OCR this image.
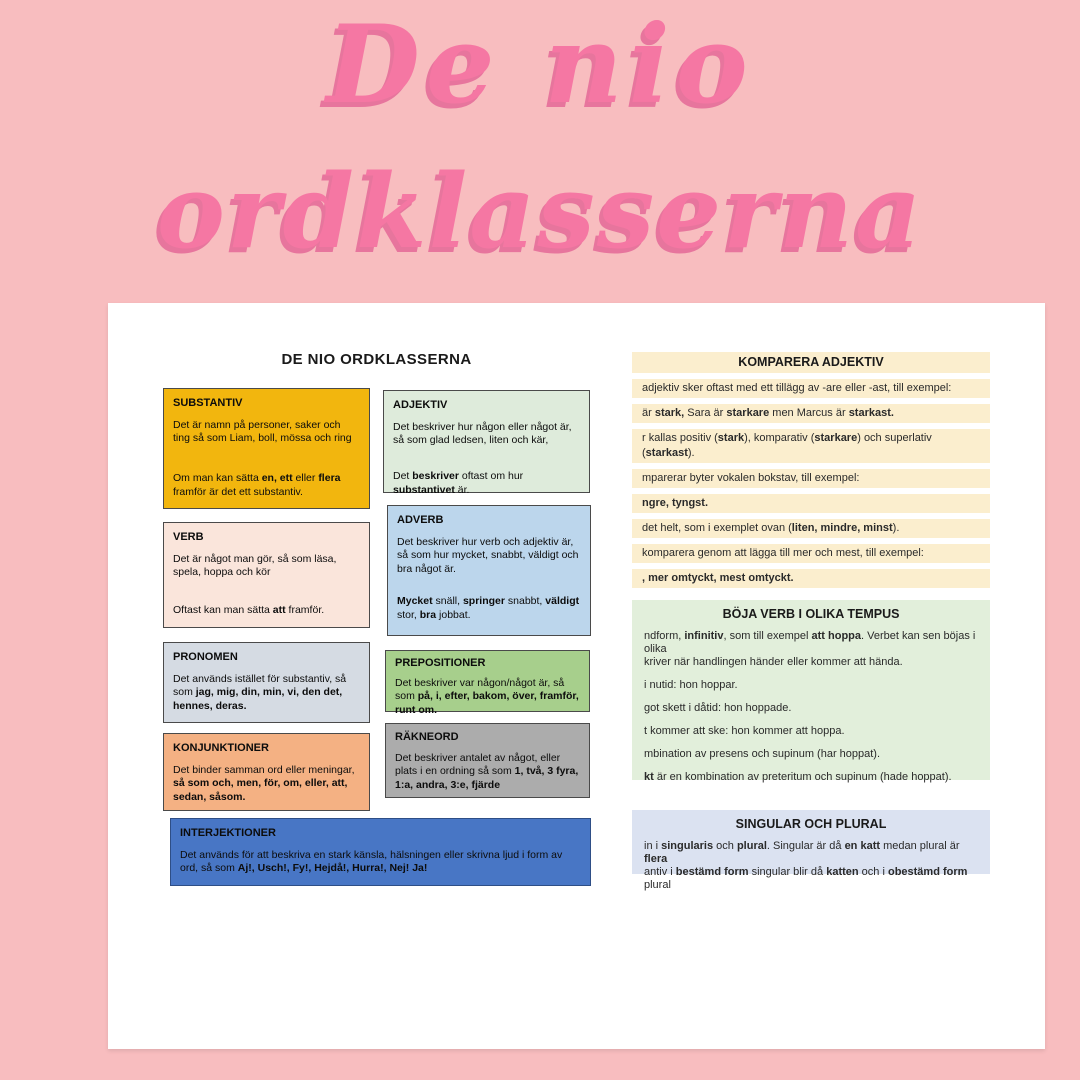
De nio
ordklasserna
DE NIO ORDKLASSERNA
SUBSTANTIV

Det är namn på personer, saker och ting så som Liam, boll, mössa och ring

Om man kan sätta en, ett eller flera framför är det ett substantiv.

ADJEKTIV

Det beskriver hur någon eller något är, så som glad ledsen, liten och kär,

Det beskriver oftast om hur substantivet är.

VERB

Det är något man gör, så som läsa, spela, hoppa och kör

Oftast kan man sätta att framför.

ADVERB

Det beskriver hur verb och adjektiv är, så som hur mycket, snabbt, väldigt och bra något är.

Mycket snäll, springer snabbt, väldigt stor, bra jobbat.

PRONOMEN

Det används istället för substantiv, så som jag, mig, din, min, vi, den det, hennes, deras.

PREPOSITIONER

Det beskriver var någon/något är, så som på, i, efter, bakom, över, framför, runt om.

KONJUNKTIONER

Det binder samman ord eller meningar, så som och, men, för, om, eller, att, sedan, såsom.

RÄKNEORD

Det beskriver antalet av något, eller plats i en ordning så som 1, två, 3 fyra, 1:a, andra, 3:e, fjärde

INTERJEKTIONER

Det används för att beskriva en stark känsla, hälsningen eller skrivna ljud i form av ord, så som Aj!, Usch!, Fy!, Hejdå!, Hurra!, Nej! Ja!

KOMPARERA ADJEKTIV
adjektiv sker oftast med ett tillägg av -are eller -ast, till exempel:
är stark, Sara är starkare men Marcus är starkast.
r kallas positiv (stark), komparativ (starkare) och superlativ (starkast).
mparerar byter vokalen bokstav, till exempel:
ngre, tyngst.
det helt, som i exemplet ovan (liten, mindre, minst).
komparera genom att lägga till mer och mest, till exempel:
, mer omtyckt, mest omtyckt.
BÖJA VERB I OLIKA TEMPUS

ndform, infinitiv, som till exempel att hoppa. Verbet kan sen böjas i olika

kriver när handlingen händer eller kommer att hända.

i nutid: hon hoppar.

got skett i dåtid: hon hoppade.

t kommer att ske: hon kommer att hoppa.

mbination av presens och supinum (har hoppat).

kt är en kombination av preteritum och supinum (hade hoppat).

SINGULAR OCH PLURAL

in i singularis och plural. Singular är då en katt medan plural är flera

antiv i bestämd form singular blir då katten och i obestämd form plural
